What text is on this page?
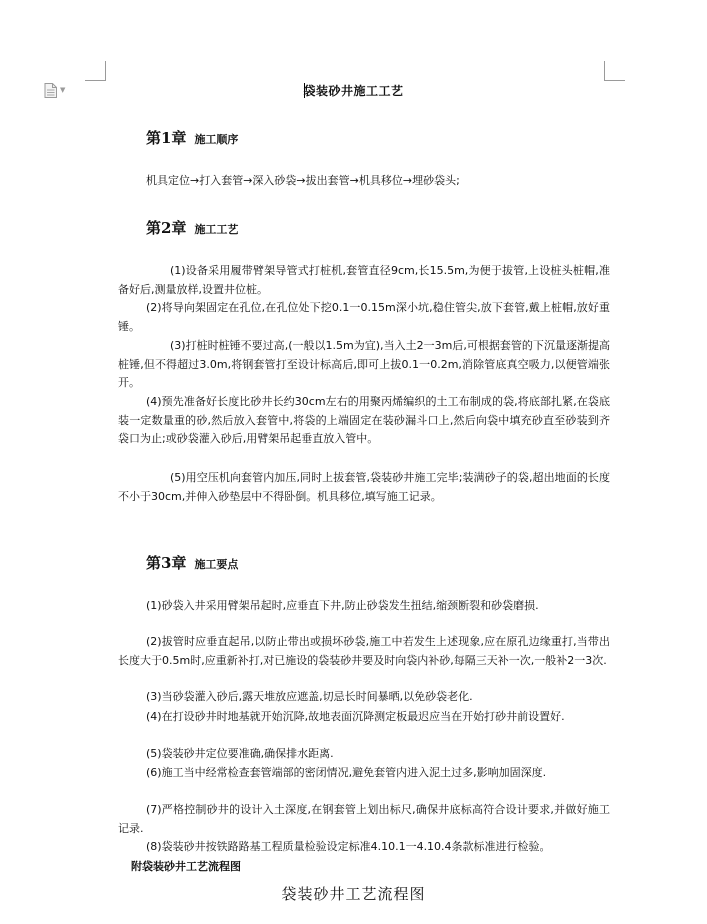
▼	袋装砂井施工工艺
第1章 施工顺序

机具定位→打入套管→深入砂袋→拔出套管→机具移位→埋砂袋头;

第2章 施工工艺

(1)设备采用履带臂架导管式打桩机,套管直径9cm,长15.5m,为便于拔管,上设桩头桩帽,准备好后,测量放样,设置井位桩。

(2)将导向架固定在孔位,在孔位处下挖0.1一0.15m深小坑,稳住管尖,放下套管,戴上桩帽,放好重锤。

(3)打桩时桩锤不要过高,(一般以1.5m为宜),当入土2一3m后,可根据套管的下沉量逐渐提高桩锤,但不得超过3.0m,将钢套管打至设计标高后,即可上拔0.1一0.2m,消除管底真空吸力,以便管端张开。

(4)预先准备好长度比砂井长约30cm左右的用聚丙烯编织的土工布制成的袋,将底部扎紧,在袋底装一定数量重的砂,然后放入套管中,将袋的上端固定在装砂漏斗口上,然后向袋中填充砂直至砂装到齐袋口为止;或砂袋灌入砂后,用臂架吊起垂直放入管中。

(5)用空压机向套管内加压,同时上拔套管,袋装砂井施工完毕;装满砂子的袋,超出地面的长度不小于30cm,并伸入砂垫层中不得卧倒。机具移位,填写施工记录。

第3章 施工要点

(1)砂袋入井采用臂架吊起时,应垂直下井,防止砂袋发生扭结,缩颈断裂和砂袋磨损.

(2)拔管时应垂直起吊,以防止带出或损坏砂袋,施工中若发生上述现象,应在原孔边缘重打,当带出长度大于0.5m时,应重新补打,对已施设的袋装砂井要及时向袋内补砂,每隔三天补一次,一般补2一3次.

(3)当砂袋灌入砂后,露天堆放应遮盖,切忌长时间暴晒,以免砂袋老化.

(4)在打设砂井时地基就开始沉降,故地表面沉降测定板最迟应当在开始打砂井前设置好.

(5)袋装砂井定位要准确,确保排水距离.

(6)施工当中经常检查套管端部的密闭情况,避免套管内进入泥土过多,影响加固深度.

(7)严格控制砂井的设计入土深度,在钢套管上划出标尺,确保井底标高符合设计要求,并做好施工记录.

(8)袋装砂井按铁路路基工程质量检验设定标准4.10.1一4.10.4条款标准进行检验。

附袋装砂井工艺流程图
袋装砂井工艺流程图
